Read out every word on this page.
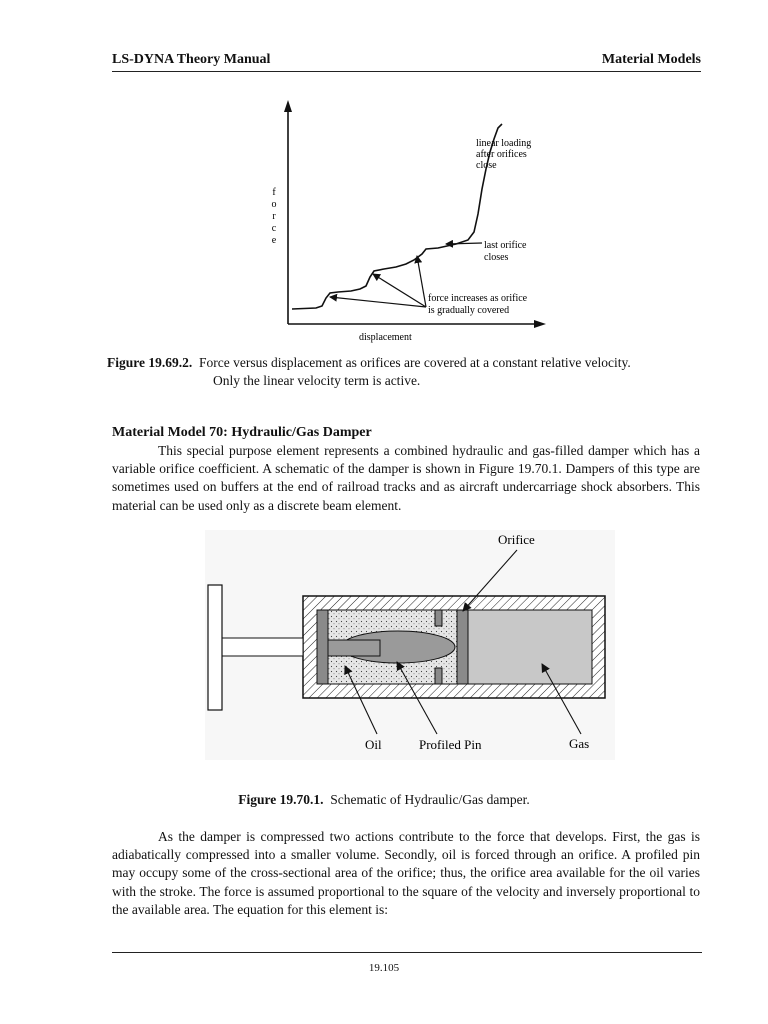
LS-DYNA Theory Manual	Material Models
f
o
r
c
e
displacement
linear loading
after orifices
close
last orifice
closes
force increases as orifice
is gradually covered
Figure 19.69.2. Force versus displacement as orifices are covered at a constant relative velocity.
Only the linear velocity term is active.
Material Model 70: Hydraulic/Gas Damper
This special purpose element represents a combined hydraulic and gas-filled damper which has a variable orifice coefficient. A schematic of the damper is shown in Figure 19.70.1. Dampers of this type are sometimes used on buffers at the end of railroad tracks and as aircraft undercarriage shock absorbers. This material can be used only as a discrete beam element.
Orifice
Oil	Profiled Pin	Gas
Figure 19.70.1. Schematic of Hydraulic/Gas damper.
As the damper is compressed two actions contribute to the force that develops. First, the gas is adiabatically compressed into a smaller volume. Secondly, oil is forced through an orifice. A profiled pin may occupy some of the cross-sectional area of the orifice; thus, the orifice area available for the oil varies with the stroke. The force is assumed proportional to the square of the velocity and inversely proportional to the available area. The equation for this element is:
19.105
